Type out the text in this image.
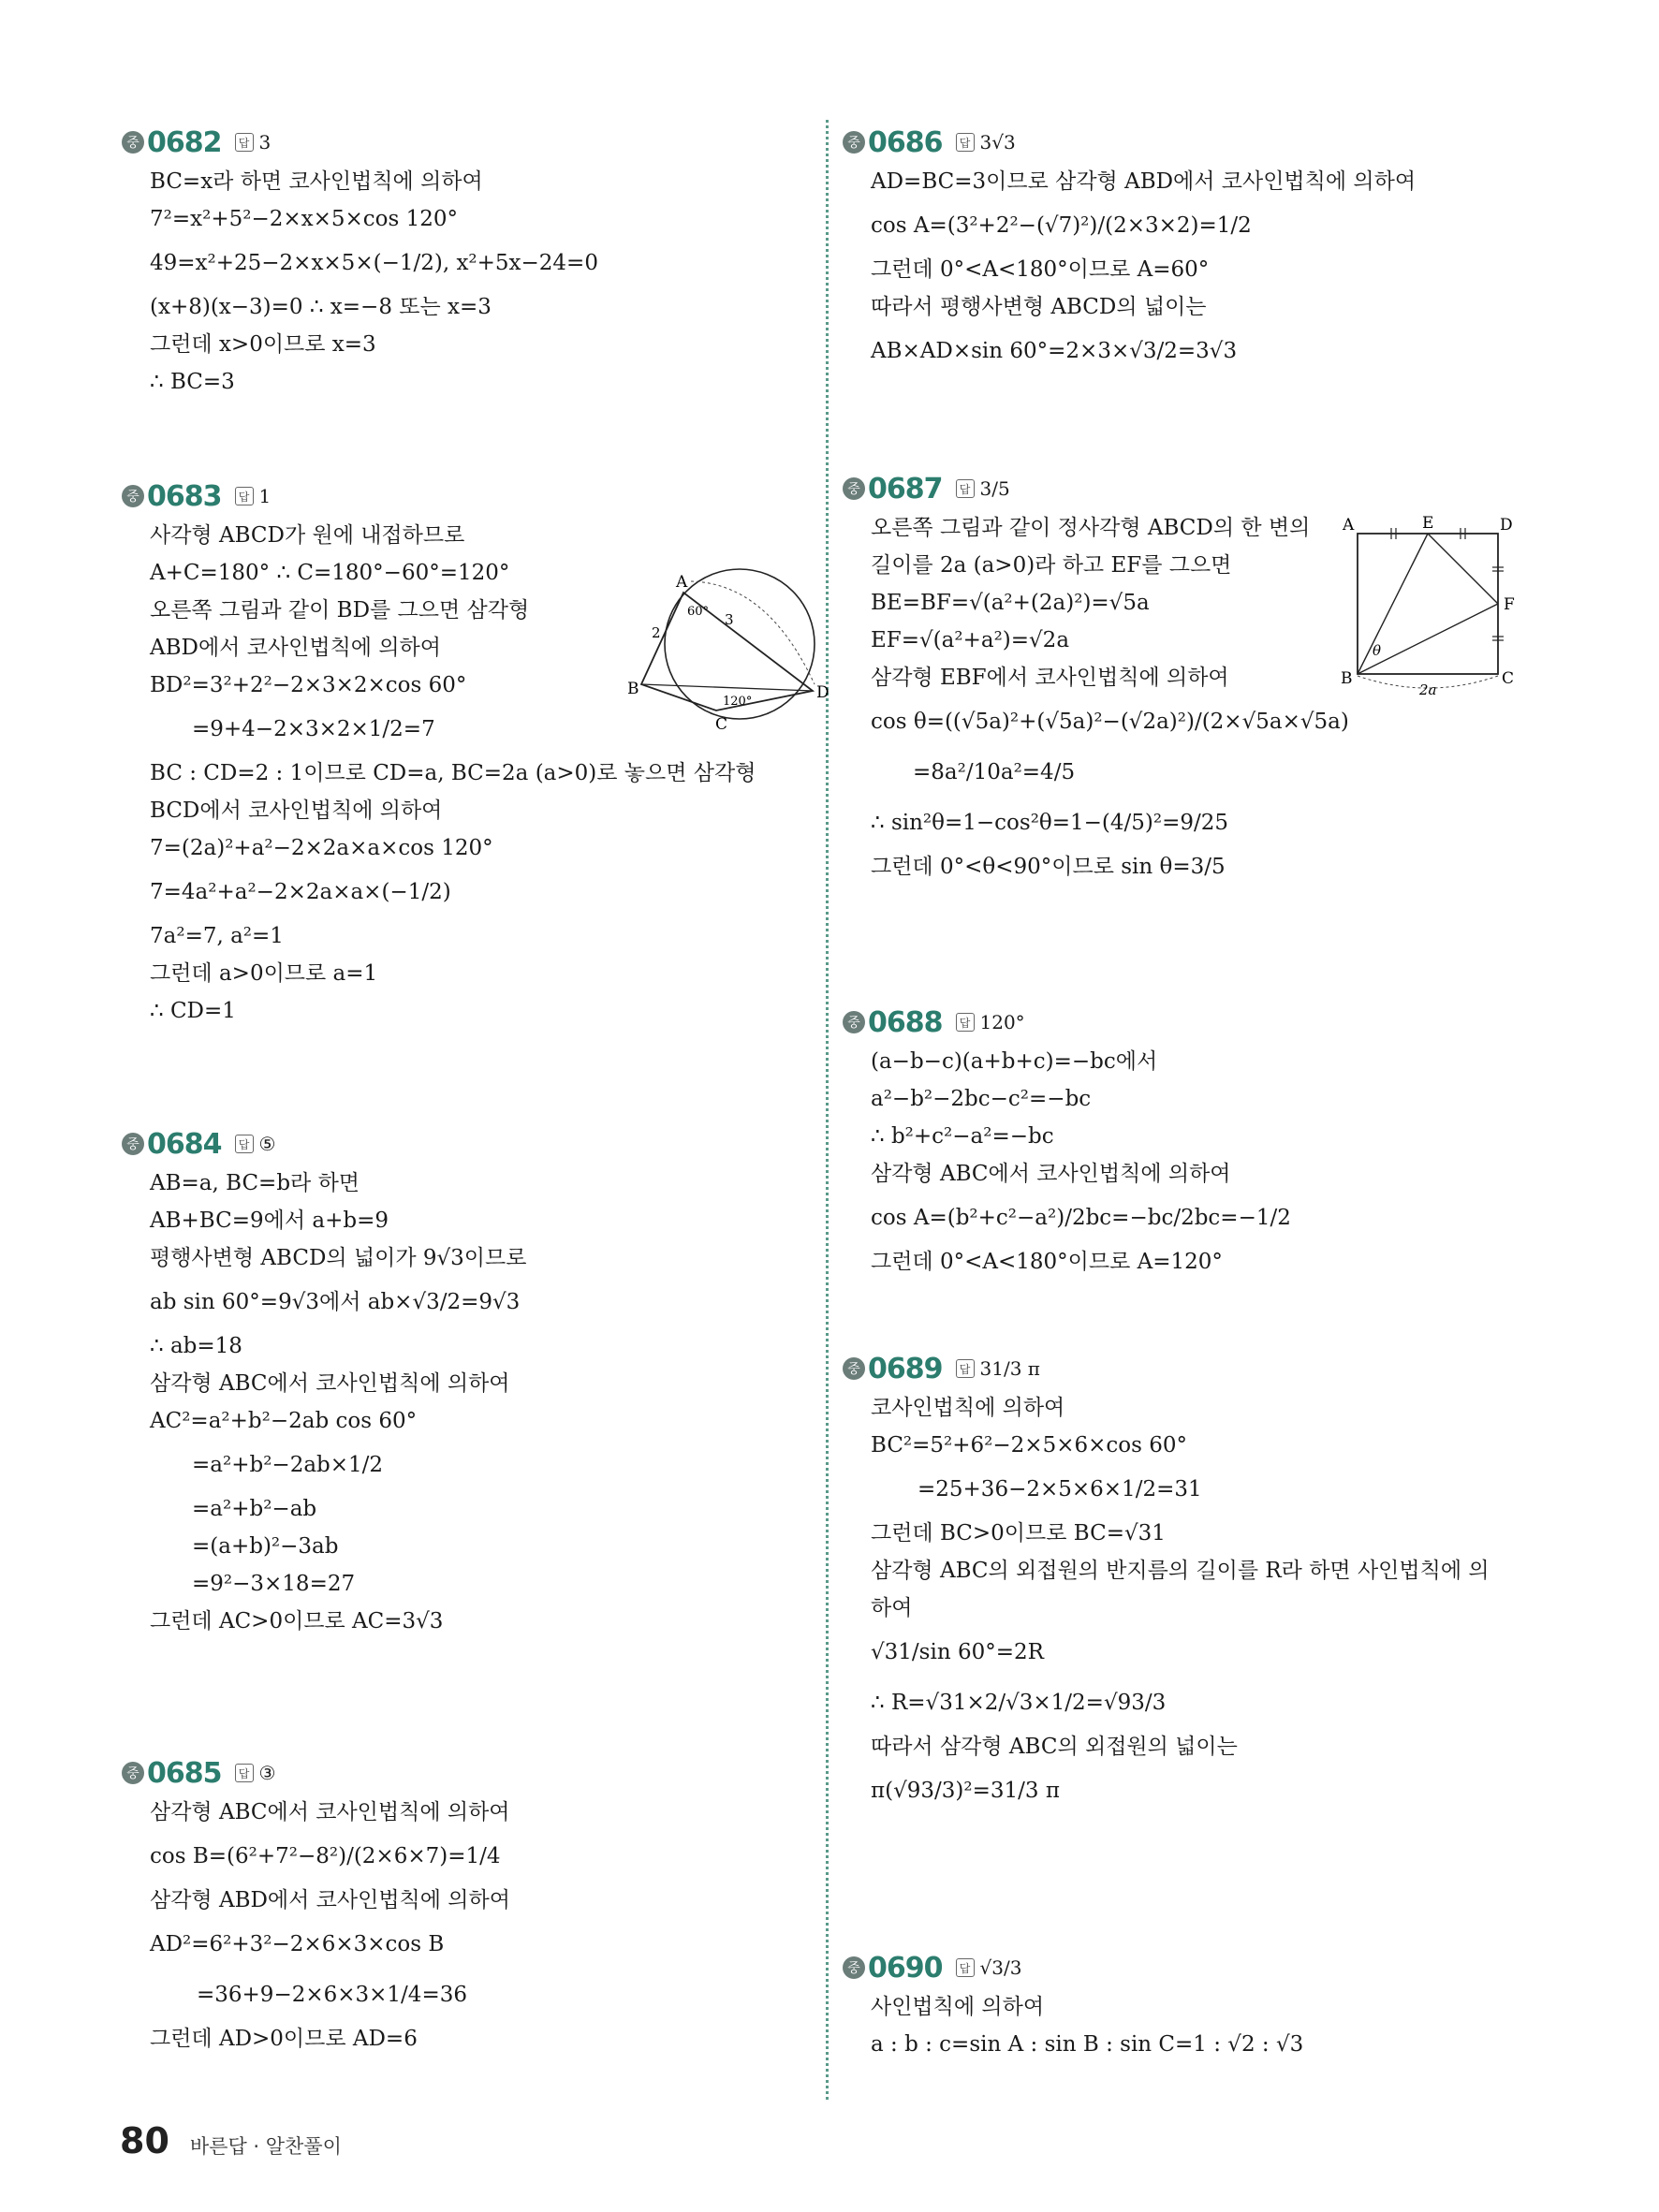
중 0682	답 3
BC=x라 하면 코사인법칙에 의하여
7²=x²+5²−2×x×5×cos 120°
49=x²+25−2×x×5×(−1/2), x²+5x−24=0
(x+8)(x−3)=0 ∴ x=−8 또는 x=3
그런데 x>0이므로 x=3
∴ BC=3
중 0683	답 1
사각형 ABCD가 원에 내접하므로
A+C=180° ∴ C=180°−60°=120°
오른쪽 그림과 같이 BD를 그으면 삼각형
ABD에서 코사인법칙에 의하여
BD²=3²+2²−2×3×2×cos 60°
=9+4−2×3×2×1/2=7
BC : CD=2 : 1이므로 CD=a, BC=2a (a>0)로 놓으면 삼각형
BCD에서 코사인법칙에 의하여
7=(2a)²+a²−2×2a×a×cos 120°
7=4a²+a²−2×2a×a×(−1/2)
7a²=7, a²=1
그런데 a>0이므로 a=1
∴ CD=1
A
B
C
D
60°
120°
2
3
중 0684	답 ⑤
AB=a, BC=b라 하면
AB+BC=9에서 a+b=9
평행사변형 ABCD의 넓이가 9√3이므로
ab sin 60°=9√3에서 ab×√3/2=9√3
∴ ab=18
삼각형 ABC에서 코사인법칙에 의하여
AC²=a²+b²−2ab cos 60°
=a²+b²−2ab×1/2
=a²+b²−ab
=(a+b)²−3ab
=9²−3×18=27
그런데 AC>0이므로 AC=3√3
중 0685	답 ③
삼각형 ABC에서 코사인법칙에 의하여
cos B=(6²+7²−8²)/(2×6×7)=1/4
삼각형 ABD에서 코사인법칙에 의하여
AD²=6²+3²−2×6×3×cos B
=36+9−2×6×3×1/4=36
그런데 AD>0이므로 AD=6
중 0686	답 3√3
AD=BC=3이므로 삼각형 ABD에서 코사인법칙에 의하여
cos A=(3²+2²−(√7)²)/(2×3×2)=1/2
그런데 0°<A<180°이므로 A=60°
따라서 평행사변형 ABCD의 넓이는
AB×AD×sin 60°=2×3×√3/2=3√3
중 0687	답 3/5
오른쪽 그림과 같이 정사각형 ABCD의 한 변의
길이를 2a (a>0)라 하고 EF를 그으면
BE=BF=√(a²+(2a)²)=√5a
EF=√(a²+a²)=√2a
삼각형 EBF에서 코사인법칙에 의하여
cos θ=((√5a)²+(√5a)²−(√2a)²)/(2×√5a×√5a)
=8a²/10a²=4/5
∴ sin²θ=1−cos²θ=1−(4/5)²=9/25
그런데 0°<θ<90°이므로 sin θ=3/5
A	E	D
F
B	C
θ
2a
중 0688	답 120°
(a−b−c)(a+b+c)=−bc에서
a²−b²−2bc−c²=−bc
∴ b²+c²−a²=−bc
삼각형 ABC에서 코사인법칙에 의하여
cos A=(b²+c²−a²)/2bc=−bc/2bc=−1/2
그런데 0°<A<180°이므로 A=120°
중 0689	답 31/3 π
코사인법칙에 의하여
BC²=5²+6²−2×5×6×cos 60°
=25+36−2×5×6×1/2=31
그런데 BC>0이므로 BC=√31
삼각형 ABC의 외접원의 반지름의 길이를 R라 하면 사인법칙에 의
하여
√31/sin 60°=2R
∴ R=√31×2/√3×1/2=√93/3
따라서 삼각형 ABC의 외접원의 넓이는
π(√93/3)²=31/3 π
중 0690	답 √3/3
사인법칙에 의하여
a : b : c=sin A : sin B : sin C=1 : √2 : √3
80 바른답 · 알찬풀이
